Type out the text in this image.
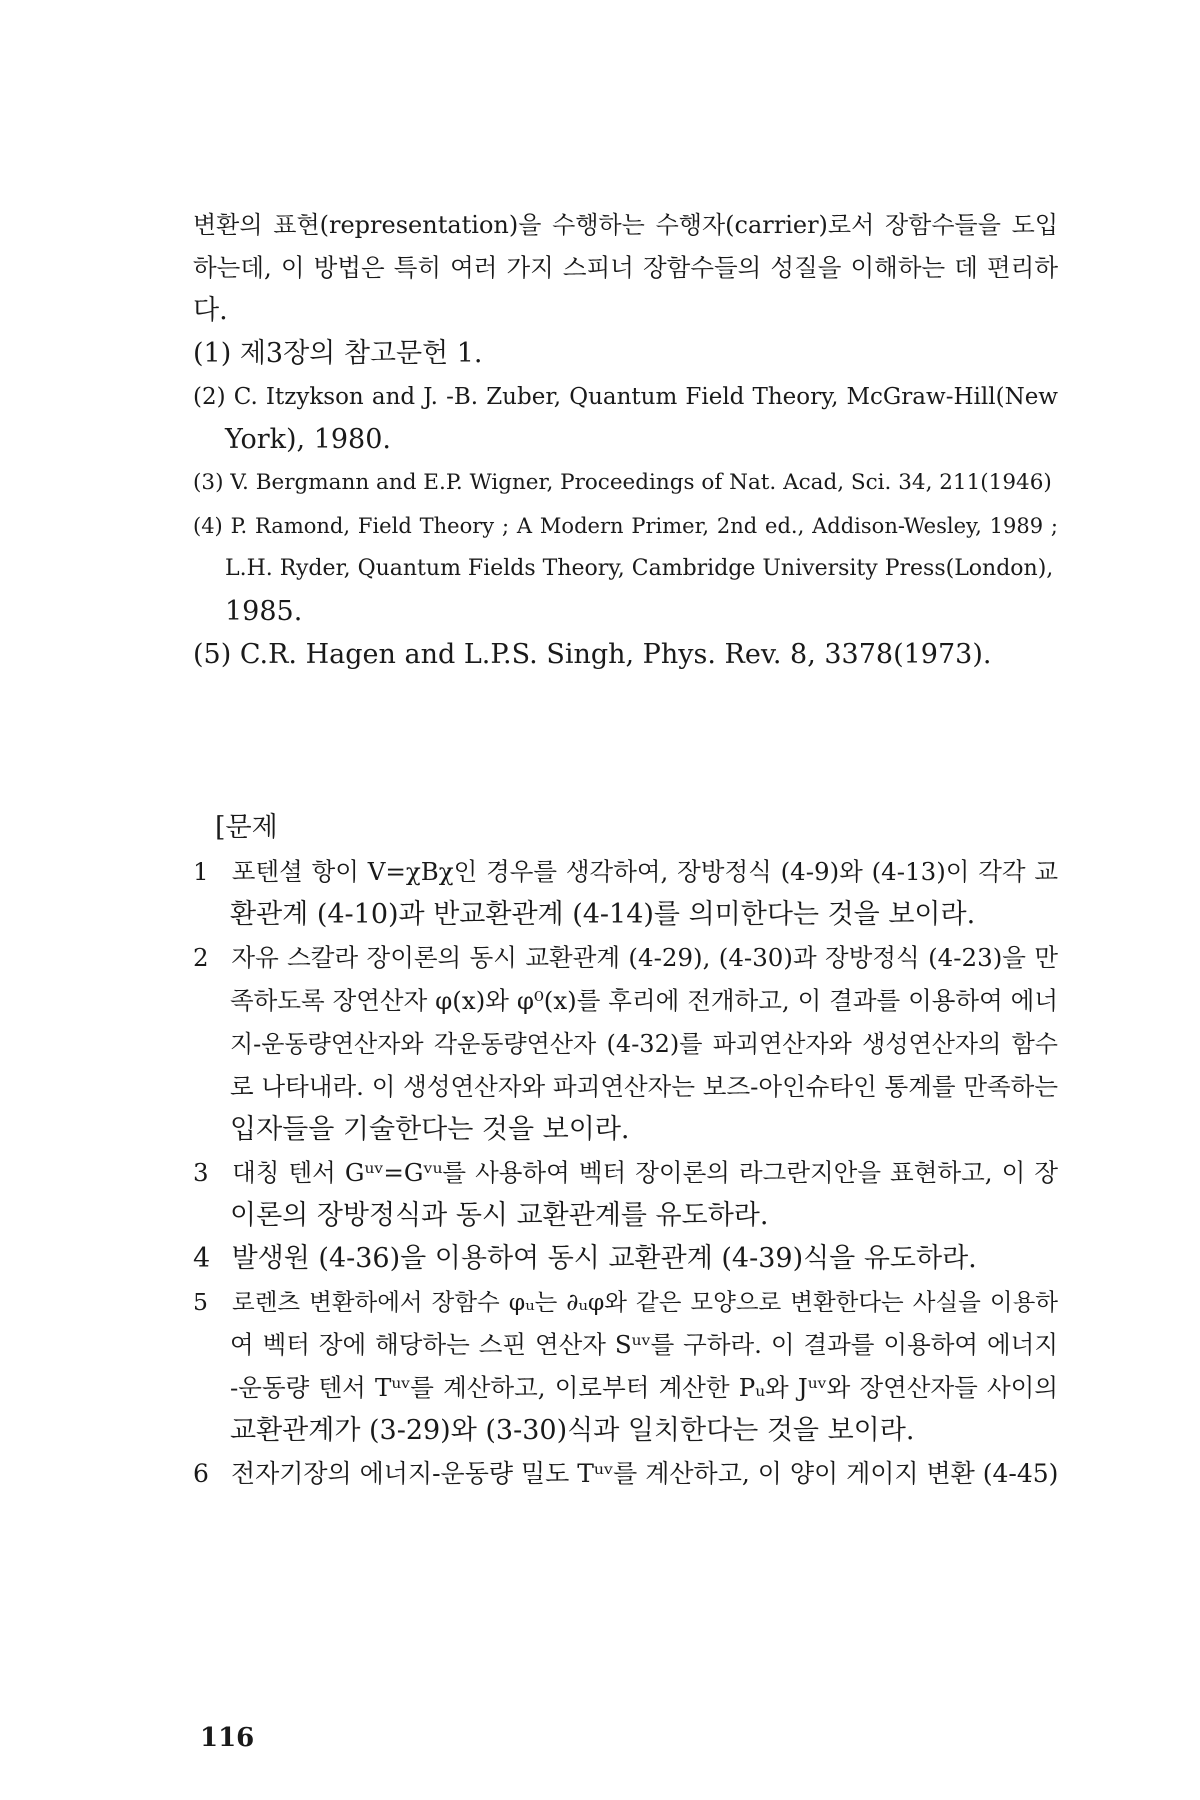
변환의 표현(representation)을 수행하는 수행자(carrier)로서 장함수들을 도입
하는데, 이 방법은 특히 여러 가지 스피너 장함수들의 성질을 이해하는 데 편리하
다.
(1) 제3장의 참고문헌 1.
(2) C. Itzykson and J. -B. Zuber, Quantum Field Theory, McGraw-Hill(New
York), 1980.
(3) V. Bergmann and E.P. Wigner, Proceedings of Nat. Acad, Sci. 34, 211(1946)
(4) P. Ramond, Field Theory ; A Modern Primer, 2nd ed., Addison-Wesley, 1989 ;
L.H. Ryder, Quantum Fields Theory, Cambridge University Press(London),
1985.
(5) C.R. Hagen and L.P.S. Singh, Phys. Rev. 8, 3378(1973).
[문제
1 포텐셜 항이 V=χBχ인 경우를 생각하여, 장방정식 (4-9)와 (4-13)이 각각 교
환관계 (4-10)과 반교환관계 (4-14)를 의미한다는 것을 보이라.
2 자유 스칼라 장이론의 동시 교환관계 (4-29), (4-30)과 장방정식 (4-23)을 만
족하도록 장연산자 φ(x)와 φ⁰(x)를 후리에 전개하고, 이 결과를 이용하여 에너
지-운동량연산자와 각운동량연산자 (4-32)를 파괴연산자와 생성연산자의 함수
로 나타내라. 이 생성연산자와 파괴연산자는 보즈-아인슈타인 통계를 만족하는
입자들을 기술한다는 것을 보이라.
3 대칭 텐서 Gᵘᵛ=Gᵛᵘ를 사용하여 벡터 장이론의 라그란지안을 표현하고, 이 장
이론의 장방정식과 동시 교환관계를 유도하라.
4 발생원 (4-36)을 이용하여 동시 교환관계 (4-39)식을 유도하라.
5 로렌츠 변환하에서 장함수 φᵤ는 ∂ᵤφ와 같은 모양으로 변환한다는 사실을 이용하
여 벡터 장에 해당하는 스핀 연산자 Sᵘᵛ를 구하라. 이 결과를 이용하여 에너지
-운동량 텐서 Tᵘᵛ를 계산하고, 이로부터 계산한 Pᵤ와 Jᵘᵛ와 장연산자들 사이의
교환관계가 (3-29)와 (3-30)식과 일치한다는 것을 보이라.
6 전자기장의 에너지-운동량 밀도 Tᵘᵛ를 계산하고, 이 양이 게이지 변환 (4-45)
116
